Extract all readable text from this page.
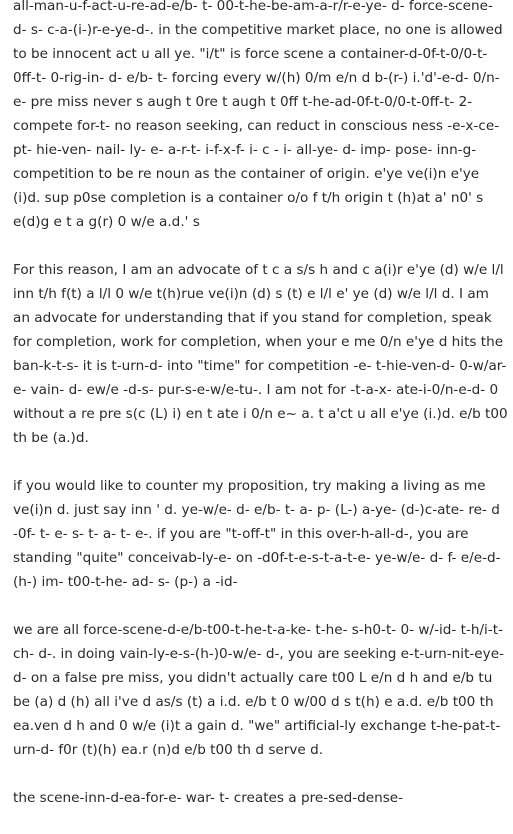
all-man-u-f-act-u-re-ad-e/b- t- 00-t-he-be-am-a-r/r-e-ye- d- force-scene- d- s- c-a-(i-)r-e-ye-d-. in the competitive market place, no one is allowed to be innocent act u all ye. "i/t" is force scene a container-d-0f-t-0/0-t-0ff-t- 0-rig-in- d- e/b- t- forcing every w/(h) 0/m e/n d b-(r-) i.'d'-e-d- 0/n- e- pre miss never s augh t 0re t augh t 0ff t-he-ad-0f-t-0/0-t-0ff-t- 2- compete for-t- no reason seeking, can reduct in conscious ness -e-x-ce-pt- hie-ven- nail- ly- e- a-r-t- i-f-x-f- i- c - i- all-ye- d- imp- pose- inn-g- competition to be re noun as the container of origin. e'ye ve(i)n e'ye (i)d. sup p0se completion is a container o/o f t/h origin t (h)at a' n0' s e(d)g e t a g(r) 0 w/e a.d.' s

For this reason, I am an advocate of t c a s/s h and c a(i)r e'ye (d) w/e l/l inn t/h f(t) a l/l 0 w/e t(h)rue ve(i)n (d) s (t) e l/l e' ye (d) w/e l/l d. I am an advocate for understanding that if you stand for completion, speak for completion, work for completion, when your e me 0/n e'ye d hits the ban-k-t-s- it is t-urn-d- into "time" for competition -e- t-hie-ven-d- 0-w/ar- e- vain- d- ew/e -d-s- pur-s-e-w/e-tu-. I am not for -t-a-x- ate-i-0/n-e-d- 0 without a re pre s(c (L) i) en t ate i 0/n e~ a. t a'ct u all e'ye (i.)d. e/b t00 th be (a.)d.

if you would like to counter my proposition, try making a living as me ve(i)n d. just say inn ' d. ye-w/e- d- e/b- t- a- p- (L-) a-ye- (d-)c-ate- re- d -0f- t- e- s- t- a- t- e-. if you are "t-off-t" in this over-h-all-d-, you are standing "quite" conceivab-ly-e- on -d0f-t-e-s-t-a-t-e- ye-w/e- d- f- e/e-d- (h-) im- t00-t-he- ad- s- (p-) a -id-

we are all force-scene-d-e/b-t00-t-he-t-a-ke- t-he- s-h0-t- 0- w/-id- t-h/i-t- ch- d-. in doing vain-ly-e-s-(h-)0-w/e- d-, you are seeking e-t-urn-nit-eye- d- on a false pre miss, you didn't actually care t00 L e/n d h and e/b tu be (a) d (h) all i've d as/s (t) a i.d. e/b t 0 w/00 d s t(h) e a.d. e/b t00 th ea.ven d h and 0 w/e (i)t a gain d. "we" artificial-ly exchange t-he-pat-t-urn-d- f0r (t)(h) ea.r (n)d e/b t00 th d serve d.

the scene-inn-d-ea-for-e- war- t- creates a pre-sed-dense-
